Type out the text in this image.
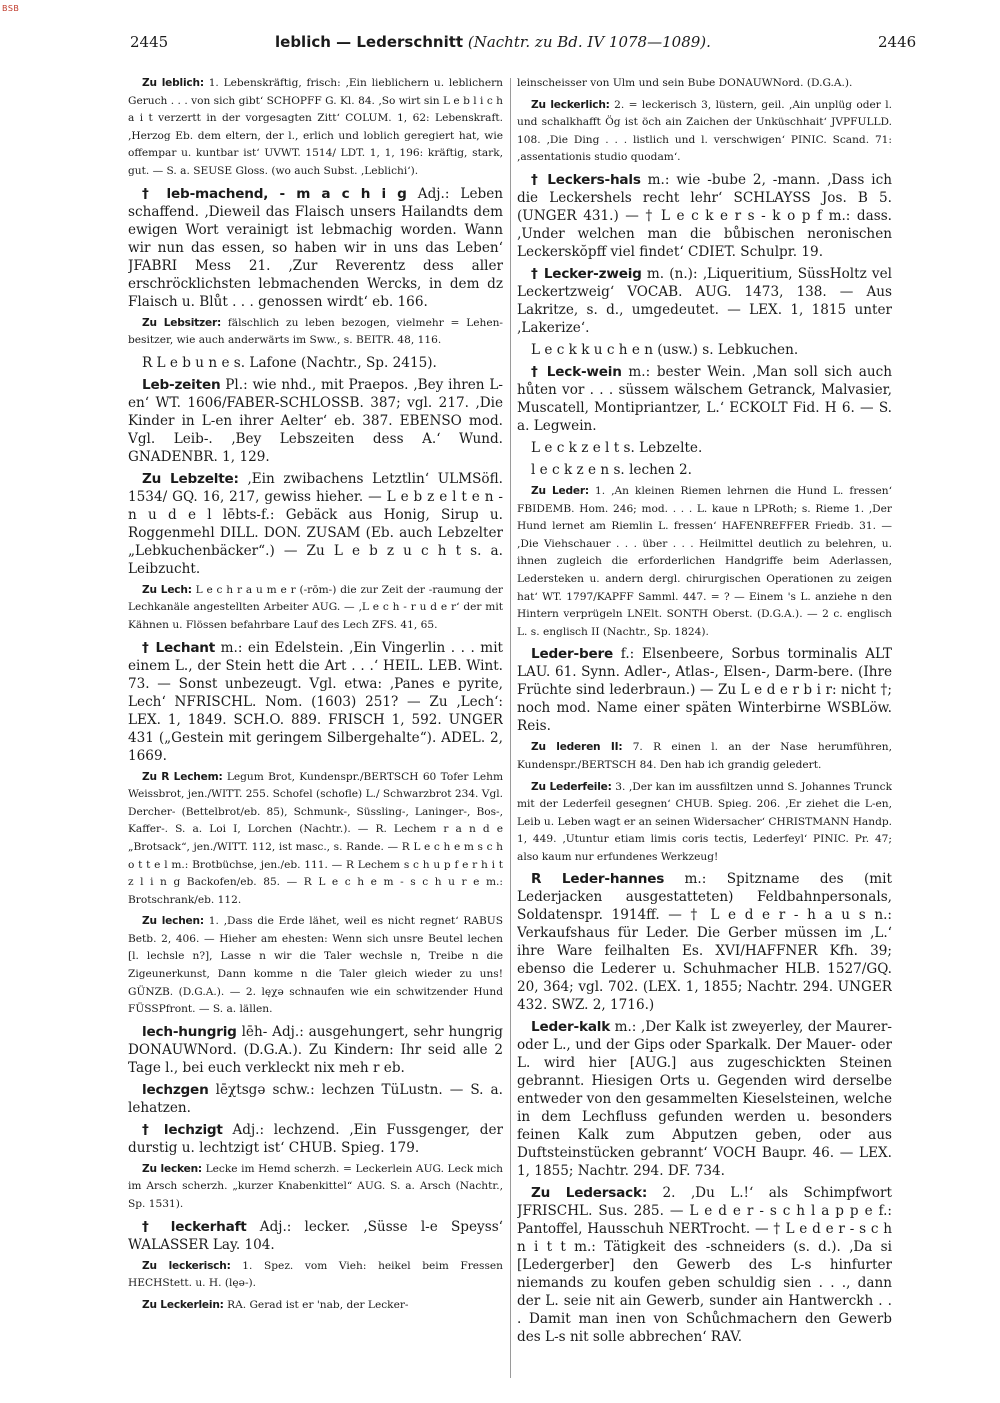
BSB
2445	leblich — Lederschnitt (Nachtr. zu Bd. IV 1078—1089).	2446

Zu leblich: 1. Lebenskräftig, frisch: ‚Ein lieblichern u. leblichern Geruch . . . von sich gibt‘ SCHOPFF G. Kl. 84. ‚So wirt sin L e b l i c h a i t verzertt in der vorgesagten Zitt‘ COLUM. 1, 62: Lebenskraft. ‚Herzog Eb. dem eltern, der l., erlich und loblich geregiert hat, wie offempar u. kuntbar ist‘ UVWT. 1514/ LDT. 1, 1, 196: kräftig, stark, gut. — S. a. SEUSE Gloss. (wo auch Subst. ‚Leblichi‘).

† leb-machend, - m a c h i g Adj.: Leben schaffend. ‚Dieweil das Flaisch unsers Hailandts dem ewigen Wort verainigt ist lebmachig worden. Wann wir nun das essen, so haben wir in uns das Leben‘ JFABRI Mess 21. ‚Zur Reverentz dess aller erschröcklichsten lebmachenden Wercks, in dem dz Flaisch u. Blůt . . . genossen wirdt‘ eb. 166.

Zu Lebsitzer: fälschlich zu leben bezogen, vielmehr = Lehen-besitzer, wie auch anderwärts im Sww., s. BEITR. 48, 116.

R L e b u n e s. Lafone (Nachtr., Sp. 2415).

Leb-zeiten Pl.: wie nhd., mit Praepos. ‚Bey ihren L-en‘ WT. 1606/FABER-SCHLOSSB. 387; vgl. 217. ‚Die Kinder in L-en ihrer Aelter‘ eb. 387. EBENSO mod. Vgl. Leib-. ‚Bey Lebszeiten dess A.‘ Wund. GNADENBR. 1, 129.

Zu Lebzelte: ‚Ein zwibachens Letztlin‘ ULMSöfl. 1534/ GQ. 16, 217, gewiss hieher. — L e b z e l t e n - n u d e l lēbts-f.: Gebäck aus Honig, Sirup u. Roggenmehl DILL. DON. ZUSAM (Eb. auch Lebzelter „Lebkuchenbäcker“.) — Zu L e b z u c h t s. a. Leibzucht.

Zu Lech: L e c h r a u m e r (-rōm-) die zur Zeit der -raumung der Lechkanäle angestellten Arbeiter AUG. — ‚L e c h - r u d e r‘ der mit Kähnen u. Flössen befahrbare Lauf des Lech ZFS. 41, 65.

† Lechant m.: ein Edelstein. ‚Ein Vingerlin . . . mit einem L., der Stein hett die Art . . .‘ HEIL. LEB. Wint. 73. — Sonst unbezeugt. Vgl. etwa: ‚Panes e pyrite, Lech‘ NFRISCHL. Nom. (1603) 251? — Zu ‚Lech‘: LEX. 1, 1849. SCH.O. 889. FRISCH 1, 592. UNGER 431 („Gestein mit geringem Silbergehalte“). ADEL. 2, 1669.

Zu R Lechem: Legum Brot, Kundenspr./BERTSCH 60 Tofer Lehm Weissbrot, jen./WITT. 255. Schofel (schofle) L./ Schwarzbrot 234. Vgl. Dercher- (Bettelbrot/eb. 85), Schmunk-, Süssling-, Laninger-, Bos-, Kaffer-. S. a. Loi I, Lorchen (Nachtr.). — R. Lechem r a n d e „Brotsack“, jen./WITT. 112, ist masc., s. Rande. — R L e c h e m s c h o t t e l m.: Brotbüchse, jen./eb. 111. — R Lechem s c h u p f e r h i t z l i n g Backofen/eb. 85. — R L e c h e m - s c h u r e m.: Brotschrank/eb. 112.

Zu lechen: 1. ‚Dass die Erde lähet, weil es nicht regnet‘ RABUS Betb. 2, 406. — Hieher am ehesten: Wenn sich unsre Beutel lechen [l. lechsle n?], Lasse n wir die Taler wechsle n, Treibe n die Zigeunerkunst, Dann komme n die Taler gleich wieder zu uns! GÜNZB. (D.G.A.). — 2. lęχə schnaufen wie ein schwitzender Hund FÜSSPfront. — S. a. lällen.

lech-hungrig lēh- Adj.: ausgehungert, sehr hungrig DONAUWNord. (D.G.A.). Zu Kindern: Ihr seid alle 2 Tage l., bei euch verkleckt nix meh r eb.

lechzgen lēχtsgə schw.: lechzen TüLustn. — S. a. lehatzen.

† lechzigt Adj.: lechzend. ‚Ein Fussgenger, der durstig u. lechtzigt ist‘ CHUB. Spieg. 179.

Zu lecken: Lecke im Hemd scherzh. = Leckerlein AUG. Leck mich im Arsch scherzh. „kurzer Knabenkittel“ AUG. S. a. Arsch (Nachtr., Sp. 1531).

† leckerhaft Adj.: lecker. ‚Süsse l-e Speyss‘ WALASSER Lay. 104.

Zu leckerisch: 1. Spez. vom Vieh: heikel beim Fressen HECHStett. u. H. (lęə-).

Zu Leckerlein: RA. Gerad ist er 'nab, der Lecker-

leinscheisser von Ulm und sein Bube DONAUWNord. (D.G.A.).

Zu leckerlich: 2. = leckerisch 3, lüstern, geil. ‚Ain unplüg oder l. und schalkhafft Ög ist öch ain Zaichen der Unküschhait‘ JVPFULLD. 108. ‚Die Ding . . . listlich und l. verschwigen‘ PINIC. Scand. 71: ‚assentationis studio quodam‘.

† Leckers-hals m.: wie -bube 2, -mann. ‚Dass ich die Leckershels recht lehr‘ SCHLAYSS Jos. B 5. (UNGER 431.) — † L e c k e r s - k o p f m.: dass. ‚Under welchen man die bůbischen neronischen Leckerskŏpff viel findet‘ CDIET. Schulpr. 19.

† Lecker-zweig m. (n.): ‚Liqueritium, SüssHoltz vel Leckertzweig‘ VOCAB. AUG. 1473, 138. — Aus Lakritze, s. d., umgedeutet. — LEX. 1, 1815 unter ‚Lakerize‘.

L e c k k u c h e n (usw.) s. Lebkuchen.

† Leck-wein m.: bester Wein. ‚Man soll sich auch hůten vor . . . süssem wälschem Getranck, Malvasier, Muscatell, Montipriantzer, L.‘ ECKOLT Fid. H 6. — S. a. Legwein.

L e c k z e l t s. Lebzelte.

l e c k z e n s. lechen 2.

Zu Leder: 1. ‚An kleinen Riemen lehrnen die Hund L. fressen‘ FBIDEMB. Hom. 246; mod. . . . L. kaue n LPRoth; s. Rieme 1. ‚Der Hund lernet am Riemlin L. fressen‘ HAFENREFFER Friedb. 31. — ‚Die Viehschauer . . . über . . . Heilmittel deutlich zu belehren, u. ihnen zugleich die erforderlichen Handgriffe beim Aderlassen, Ledersteken u. andern dergl. chirurgischen Operationen zu zeigen hat‘ WT. 1797/KAPFF Samml. 447. = ? — Einem 's L. anziehe n den Hintern verprügeln LNElt. SONTH Oberst. (D.G.A.). — 2 c. englisch L. s. englisch II (Nachtr., Sp. 1824).

Leder-bere f.: Elsenbeere, Sorbus torminalis ALT LAU. 61. Synn. Adler-, Atlas-, Elsen-, Darm-bere. (Ihre Früchte sind lederbraun.) — Zu L e d e r b i r: nicht †; noch mod. Name einer späten Winterbirne WSBLöw. Reis.

Zu lederen II: 7. R einen l. an der Nase herumführen, Kundenspr./BERTSCH 84. Den hab ich grandig geledert.

Zu Lederfeile: 3. ‚Der kan im aussfiltzen unnd S. Johannes Trunck mit der Lederfeil gesegnen‘ CHUB. Spieg. 206. ‚Er ziehet die L-en, Leib u. Leben wagt er an seinen Widersacher‘ CHRISTMANN Handp. 1, 449. ‚Utuntur etiam limis coris tectis, Lederfeyl‘ PINIC. Pr. 47; also kaum nur erfundenes Werkzeug!

R Leder-hannes m.: Spitzname des (mit Lederjacken ausgestatteten) Feldbahnpersonals, Soldatenspr. 1914ff. — † L e d e r - h a u s n.: Verkaufshaus für Leder. Die Gerber müssen im ‚L.‘ ihre Ware feilhalten Es. XVI/HAFFNER Kfh. 39; ebenso die Lederer u. Schuhmacher HLB. 1527/GQ. 20, 364; vgl. 702. (LEX. 1, 1855; Nachtr. 294. UNGER 432. SWZ. 2, 1716.)

Leder-kalk m.: ‚Der Kalk ist zweyerley, der Maurer- oder L., und der Gips oder Sparkalk. Der Mauer- oder L. wird hier [AUG.] aus zugeschickten Steinen gebrannt. Hiesigen Orts u. Gegenden wird derselbe entweder von den gesammelten Kieselsteinen, welche in dem Lechfluss gefunden werden u. besonders feinen Kalk zum Abputzen geben, oder aus Duftsteinstücken gebrannt‘ VOCH Baupr. 46. — LEX. 1, 1855; Nachtr. 294. DF. 734.

Zu Ledersack: 2. ‚Du L.!‘ als Schimpfwort JFRISCHL. Sus. 285. — L e d e r - s c h l a p p e f.: Pantoffel, Hausschuh NERTrocht. — † L e d e r - s c h n i t t m.: Tätigkeit des -schneiders (s. d.). ‚Da si [Ledergerber] den Gewerb des L-s hinfurter niemands zu koufen geben schuldig sien . . ., dann der L. seie nit ain Gewerb, sunder ain Hantwerckh . . . Damit man inen von Schůchmachern den Gewerb des L-s nit solle abbrechen‘ RAV.
